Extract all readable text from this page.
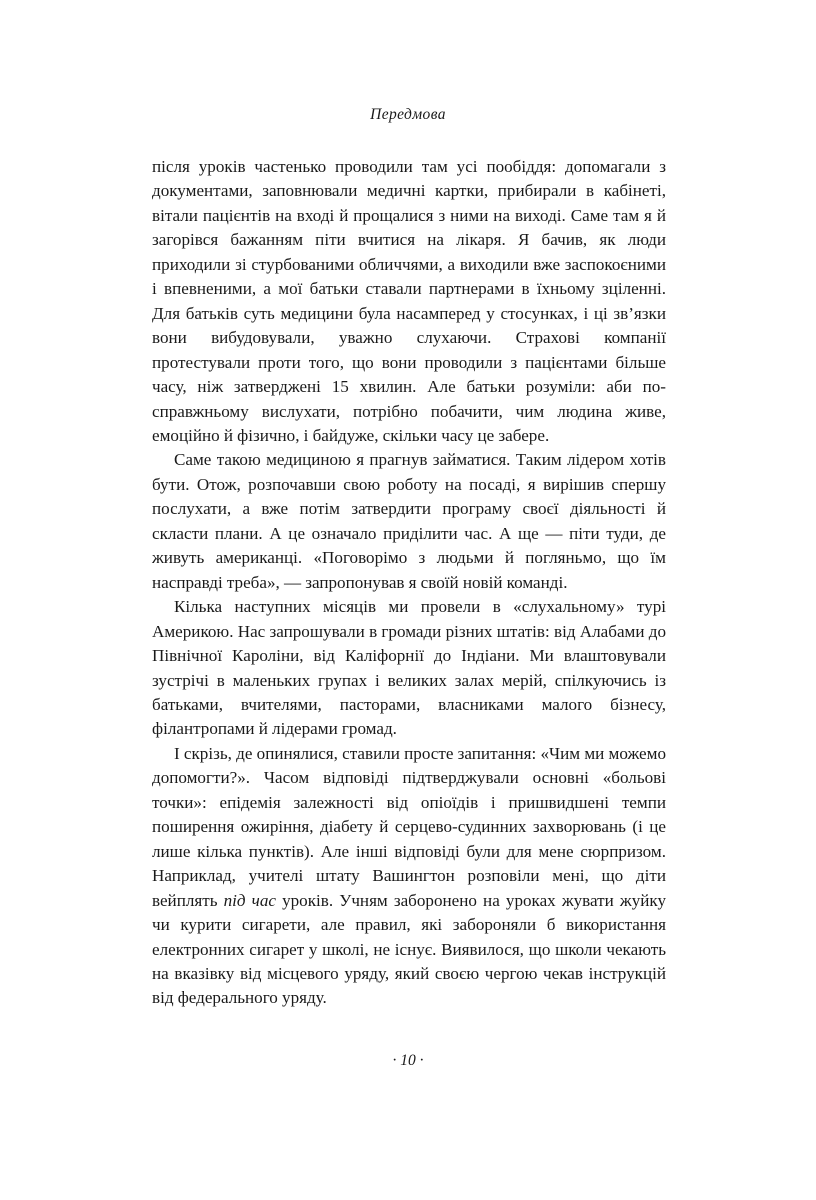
Передмова

після уроків частенько проводили там усі пообіддя: допомагали з документами, заповнювали медичні картки, прибирали в кабінеті, вітали пацієнтів на вході й прощалися з ними на виході. Саме там я й загорівся бажанням піти вчитися на лікаря. Я бачив, як люди приходили зі стурбованими обличчями, а виходили вже заспокоєними і впевненими, а мої батьки ставали партнерами в їхньому зціленні. Для батьків суть медицини була насамперед у стосунках, і ці зв’язки вони вибудовували, уважно слухаючи. Страхові компанії протестували проти того, що вони проводили з пацієнтами більше часу, ніж затверджені 15 хвилин. Але батьки розуміли: аби по-справжньому вислухати, потрібно побачити, чим людина живе, емоційно й фізично, і байдуже, скільки часу це забере.

Саме такою медициною я прагнув займатися. Таким лідером хотів бути. Отож, розпочавши свою роботу на посаді, я вирішив спершу послухати, а вже потім затвердити програму своєї діяльності й скласти плани. А це означало приділити час. А ще — піти туди, де живуть американці. «Поговорімо з людьми й погляньмо, що їм насправді треба», — запропонував я своїй новій команді.

Кілька наступних місяців ми провели в «слухальному» турі Америкою. Нас запрошували в громади різних штатів: від Алабами до Північної Кароліни, від Каліфорнії до Індіани. Ми влаштовували зустрічі в маленьких групах і великих залах мерій, спілкуючись із батьками, вчителями, пасторами, власниками малого бізнесу, філантропами й лідерами громад.

І скрізь, де опинялися, ставили просте запитання: «Чим ми можемо допомогти?». Часом відповіді підтверджували основні «больові точки»: епідемія залежності від опіоїдів і пришвидшені темпи поширення ожиріння, діабету й серцево-судинних захворювань (і це лише кілька пунктів). Але інші відповіді були для мене сюрпризом. Наприклад, учителі штату Вашингтон розповіли мені, що діти вейплять під час уроків. Учням заборонено на уроках жувати жуйку чи курити сигарети, але правил, які забороняли б використання електронних сигарет у школі, не існує. Виявилося, що школи чекають на вказівку від місцевого уряду, який своєю чергою чекав інструкцій від федерального уряду.

· 10 ·
